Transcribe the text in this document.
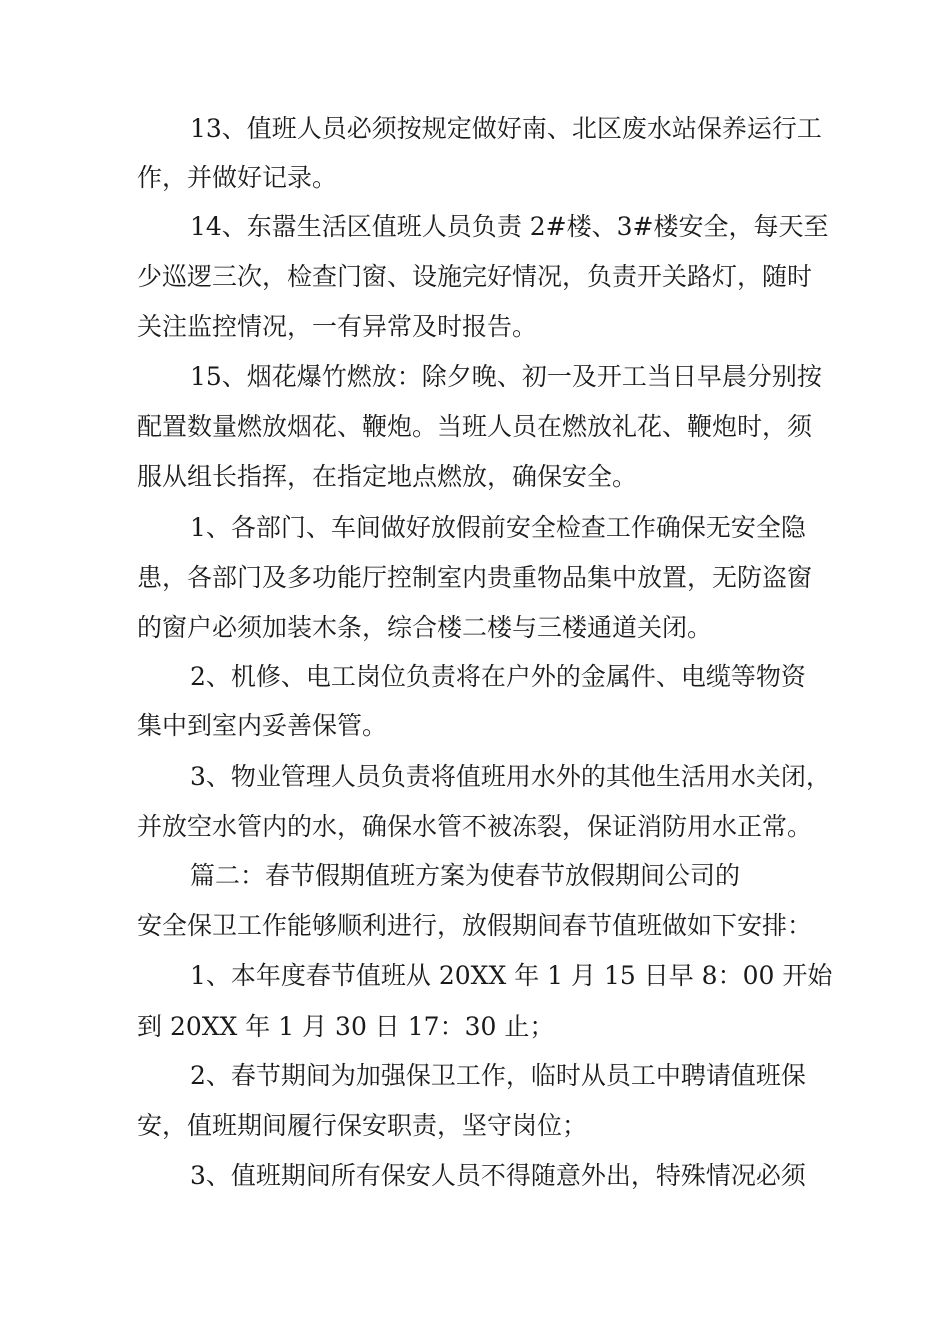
13、值班人员必须按规定做好南、北区废水站保养运行工
作，并做好记录。
14、东嚣生活区值班人员负责 2#楼、3#楼安全，每天至
少巡逻三次，检查门窗、设施完好情况，负责开关路灯，随时
关注监控情况，一有异常及时报告。
15、烟花爆竹燃放：除夕晚、初一及开工当日早晨分别按
配置数量燃放烟花、鞭炮。当班人员在燃放礼花、鞭炮时，须
服从组长指挥，在指定地点燃放，确保安全。
1、各部门、车间做好放假前安全检查工作确保无安全隐
患，各部门及多功能厅控制室内贵重物品集中放置，无防盗窗
的窗户必须加装木条，综合楼二楼与三楼通道关闭。
2、机修、电工岗位负责将在户外的金属件、电缆等物资
集中到室内妥善保管。
3、物业管理人员负责将值班用水外的其他生活用水关闭，
并放空水管内的水，确保水管不被冻裂，保证消防用水正常。
篇二：春节假期值班方案为使春节放假期间公司的
安全保卫工作能够顺利进行，放假期间春节值班做如下安排：
1、本年度春节值班从 20XX 年 1 月 15 日早 8：00 开始
到 20XX 年 1 月 30 日 17：30 止；
2、春节期间为加强保卫工作，临时从员工中聘请值班保
安，值班期间履行保安职责，坚守岗位；
3、值班期间所有保安人员不得随意外出，特殊情况必须
